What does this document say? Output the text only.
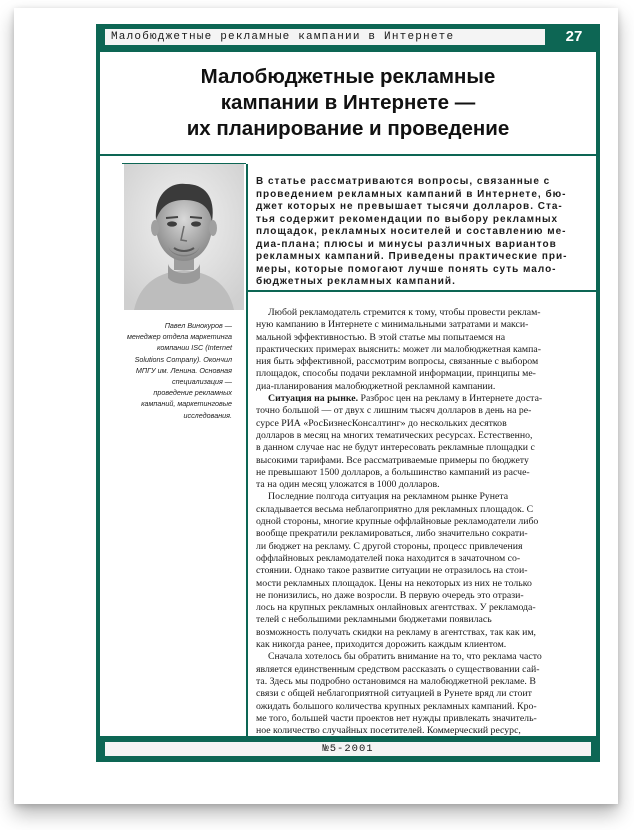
Малобюджетные рекламные кампании в Интернете	27
Малобюджетные рекламные
кампании в Интернете —
их планирование и проведение
В статье рассматриваются вопросы, связанные с
проведением рекламных кампаний в Интернете, бю-
джет которых не превышает тысячи долларов. Ста-
тья содержит рекомендации по выбору рекламных
площадок, рекламных носителей и составлению ме-
диа-плана; плюсы и минусы различных вариантов
рекламных кампаний. Приведены практические при-
меры, которые помогают лучше понять суть мало-
бюджетных рекламных кампаний.
Павел Винокуров —
менеджер отдела маркетинга
компании ISC (Internet
Solutions Company). Окончил
МПГУ им. Ленина. Основная
специализация —
проведение рекламных
кампаний, маркетинговые
исследования.
Любой рекламодатель стремится к тому, чтобы провести реклам-
ную кампанию в Интернете с минимальными затратами и макси-
мальной эффективностью. В этой статье мы попытаемся на
практических примерах выяснить: может ли малобюджетная кампа-
ния быть эффективной, рассмотрим вопросы, связанные с выбором
площадок, способы подачи рекламной информации, принципы ме-
диа-планирования малобюджетной рекламной кампании.
Ситуация на рынке. Разброс цен на рекламу в Интернете доста-
точно большой — от двух с лишним тысяч долларов в день на ре-
сурсе РИА «РосБизнесКонсалтинг» до нескольких десятков
долларов в месяц на многих тематических ресурсах. Естественно,
в данном случае нас не будут интересовать рекламные площадки с
высокими тарифами. Все рассматриваемые примеры по бюджету
не превышают 1500 долларов, а большинство кампаний из расче-
та на один месяц уложатся в 1000 долларов.
Последние полгода ситуация на рекламном рынке Рунета
складывается весьма неблагоприятно для рекламных площадок. С
одной стороны, многие крупные оффлайновые рекламодатели либо
вообще прекратили рекламироваться, либо значительно сократи-
ли бюджет на рекламу. С другой стороны, процесс привлечения
оффлайновых рекламодателей пока находится в зачаточном со-
стоянии. Однако такое развитие ситуации не отразилось на стои-
мости рекламных площадок. Цены на некоторых из них не только
не понизились, но даже возросли. В первую очередь это отрази-
лось на крупных рекламных онлайновых агентствах. У рекламода-
телей с небольшими рекламными бюджетами появилась
возможность получать скидки на рекламу в агентствах, так как им,
как никогда ранее, приходится дорожить каждым клиентом.
Сначала хотелось бы обратить внимание на то, что реклама часто
является единственным средством рассказать о существовании сай-
та. Здесь мы подробно остановимся на малобюджетной рекламе. В
связи с общей неблагоприятной ситуацией в Рунете вряд ли стоит
ожидать большого количества крупных рекламных кампаний. Кро-
ме того, большей части проектов нет нужды привлекать значитель-
ное количество случайных посетителей. Коммерческий ресурс,
№5-2001
